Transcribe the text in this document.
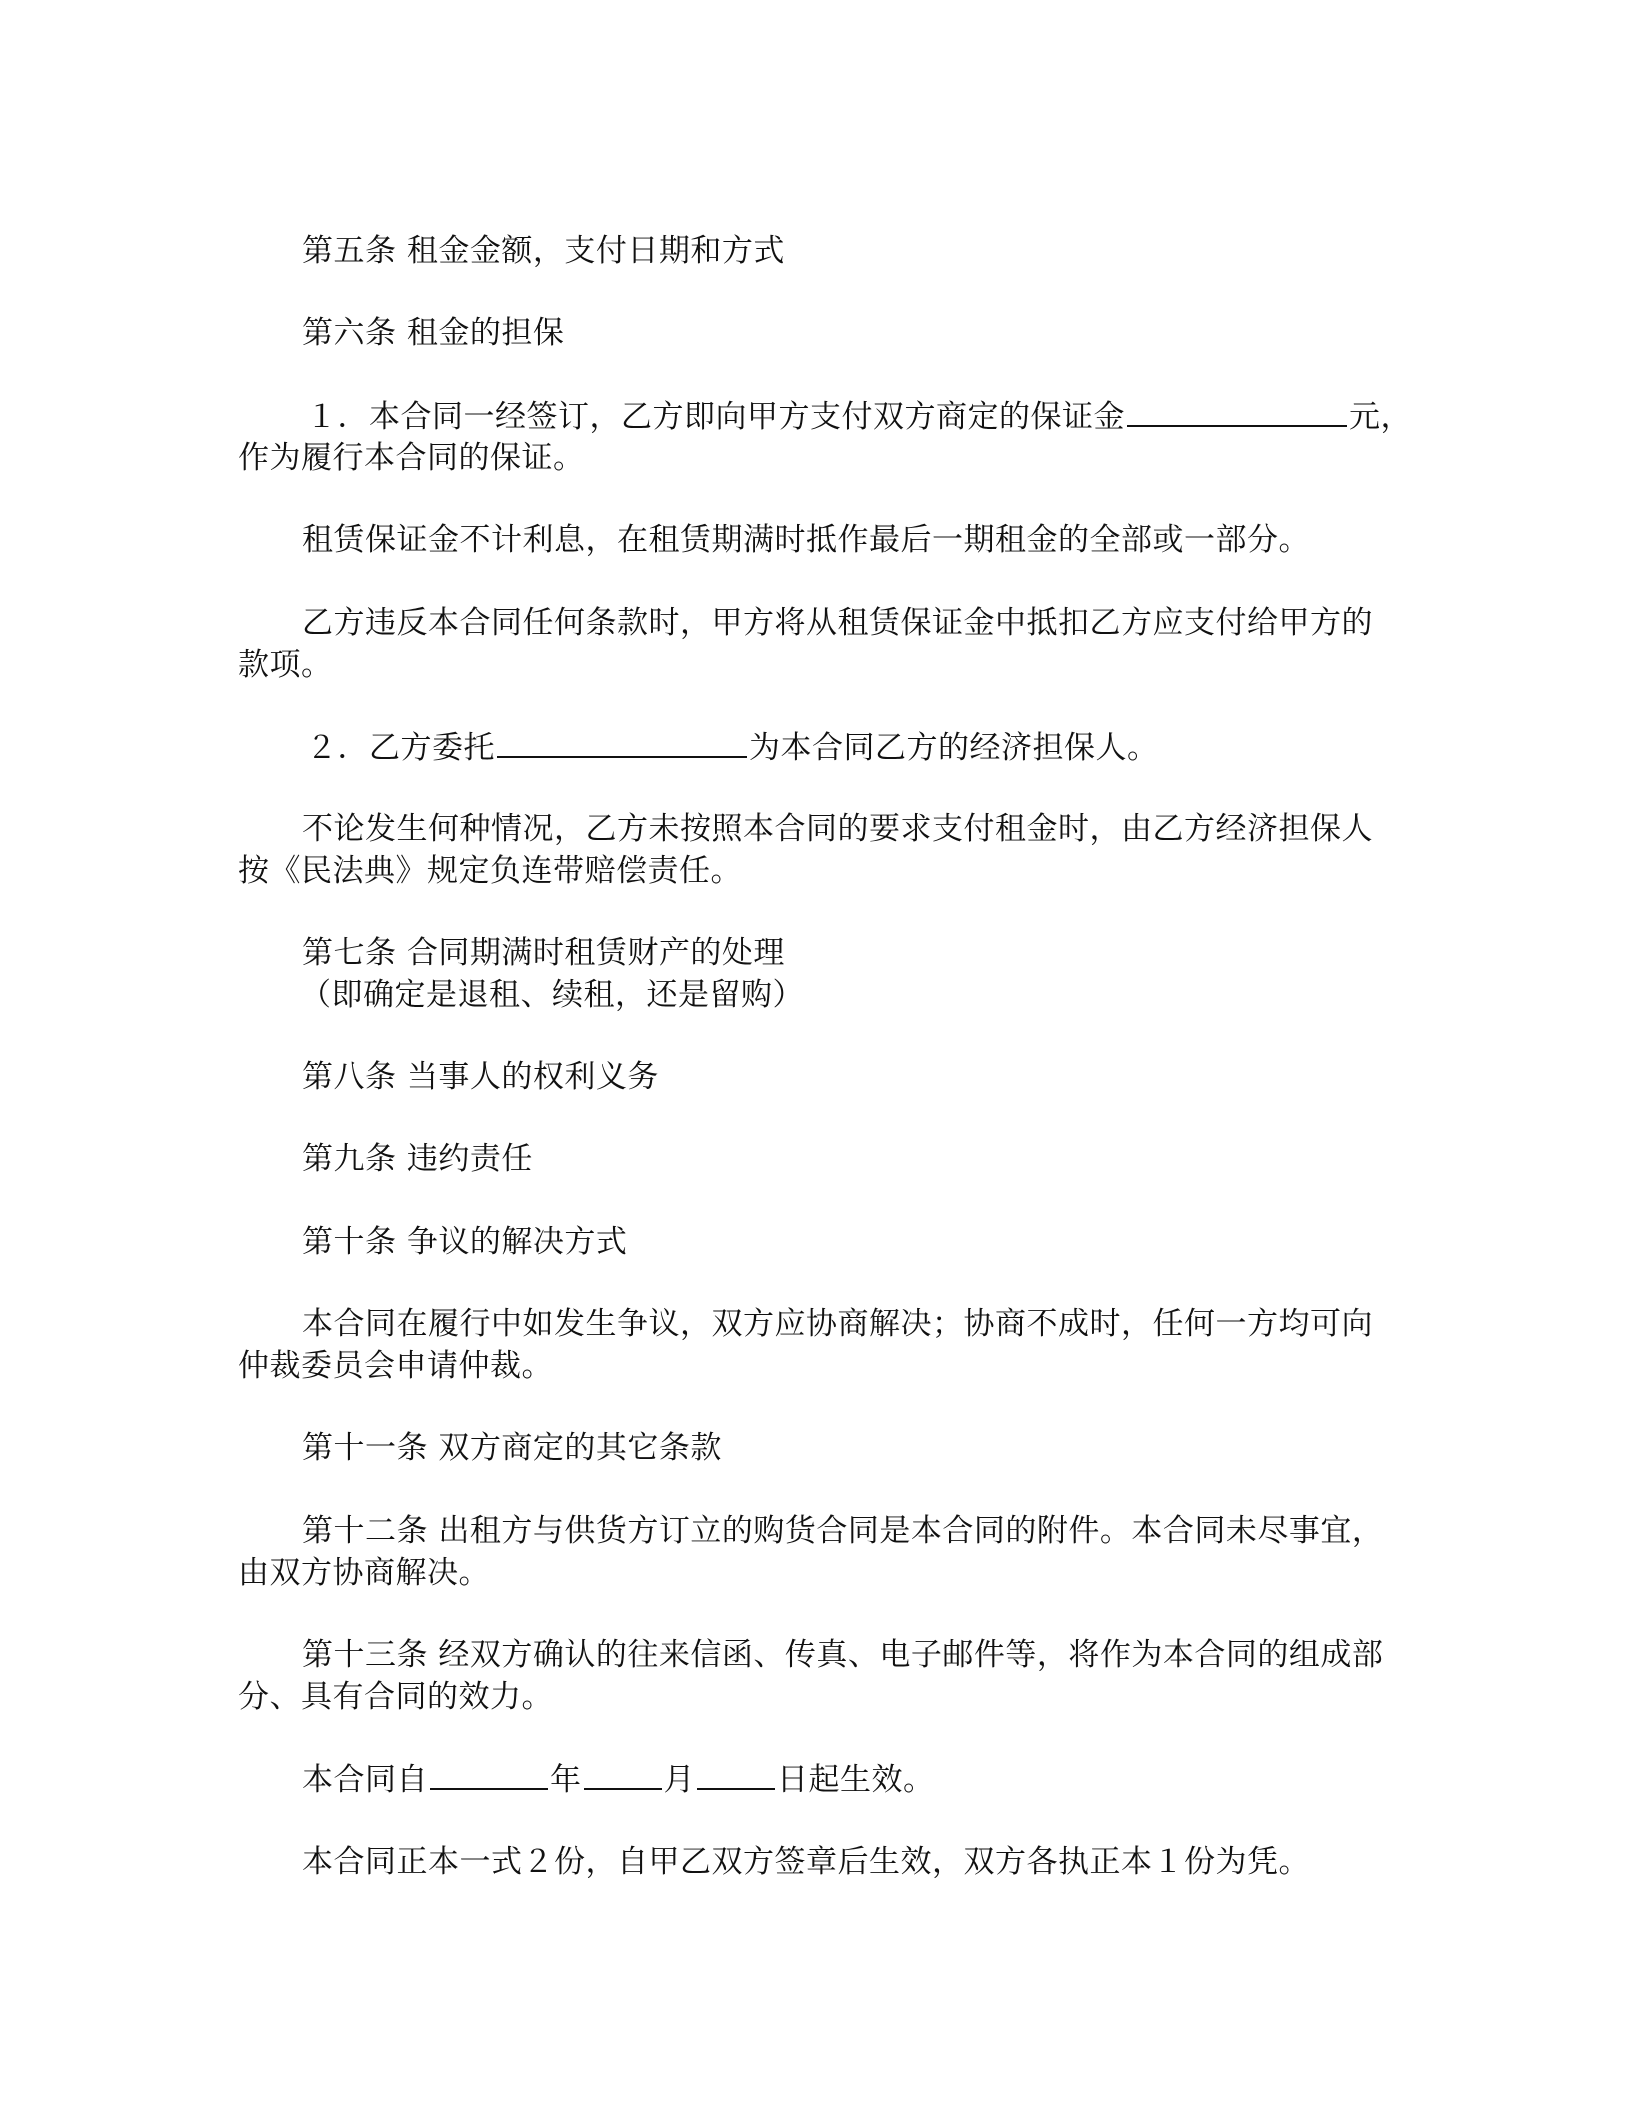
第五条 租金金额，支付日期和方式
第六条 租金的担保
１．本合同一经签订，乙方即向甲方支付双方商定的保证金	元，
作为履行本合同的保证。
租赁保证金不计利息，在租赁期满时抵作最后一期租金的全部或一部分。
乙方违反本合同任何条款时，甲方将从租赁保证金中抵扣乙方应支付给甲方的
款项。
２．乙方委托	为本合同乙方的经济担保人。
不论发生何种情况，乙方未按照本合同的要求支付租金时，由乙方经济担保人
按《民法典》规定负连带赔偿责任。
第七条 合同期满时租赁财产的处理
（即确定是退租、续租，还是留购）
第八条 当事人的权利义务
第九条 违约责任
第十条 争议的解决方式
本合同在履行中如发生争议，双方应协商解决；协商不成时，任何一方均可向
仲裁委员会申请仲裁。
第十一条 双方商定的其它条款
第十二条 出租方与供货方订立的购货合同是本合同的附件。本合同未尽事宜，
由双方协商解决。
第十三条 经双方确认的往来信函、传真、电子邮件等，将作为本合同的组成部
分、具有合同的效力。
本合同自	年	月	日起生效。
本合同正本一式２份，自甲乙双方签章后生效，双方各执正本１份为凭。
